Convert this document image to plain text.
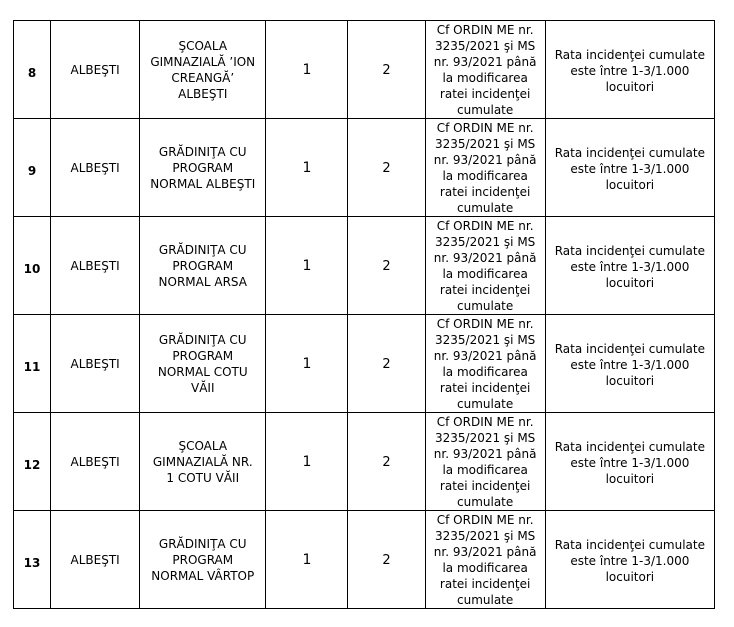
8	ALBEŞTI	ŞCOALA GIMNAZIALĂ ’ION CREANGĂ’ ALBEŞTI	1	2	Cf ORDIN ME nr. 3235/2021 şi MS nr. 93/2021 până la modificarea ratei incidenţei cumulate	Rata incidenţei cumulate este între 1-3/1.000 locuitori

9	ALBEŞTI	GRĂDINIŢA CU PROGRAM NORMAL ALBEŞTI	1	2	Cf ORDIN ME nr. 3235/2021 şi MS nr. 93/2021 până la modificarea ratei incidenţei cumulate	Rata incidenţei cumulate este între 1-3/1.000 locuitori

10	ALBEŞTI	GRĂDINIŢA CU PROGRAM NORMAL ARSA	1	2	Cf ORDIN ME nr. 3235/2021 şi MS nr. 93/2021 până la modificarea ratei incidenţei cumulate	Rata incidenţei cumulate este între 1-3/1.000 locuitori

11	ALBEŞTI	GRĂDINIŢA CU PROGRAM NORMAL COTU VĂII	1	2	Cf ORDIN ME nr. 3235/2021 şi MS nr. 93/2021 până la modificarea ratei incidenţei cumulate	Rata incidenţei cumulate este între 1-3/1.000 locuitori

12	ALBEŞTI	ŞCOALA GIMNAZIALĂ NR. 1 COTU VĂII	1	2	Cf ORDIN ME nr. 3235/2021 şi MS nr. 93/2021 până la modificarea ratei incidenţei cumulate	Rata incidenţei cumulate este între 1-3/1.000 locuitori

13	ALBEŞTI	GRĂDINIŢA CU PROGRAM NORMAL VÂRTOP	1	2	Cf ORDIN ME nr. 3235/2021 şi MS nr. 93/2021 până la modificarea ratei incidenţei cumulate	Rata incidenţei cumulate este între 1-3/1.000 locuitori
